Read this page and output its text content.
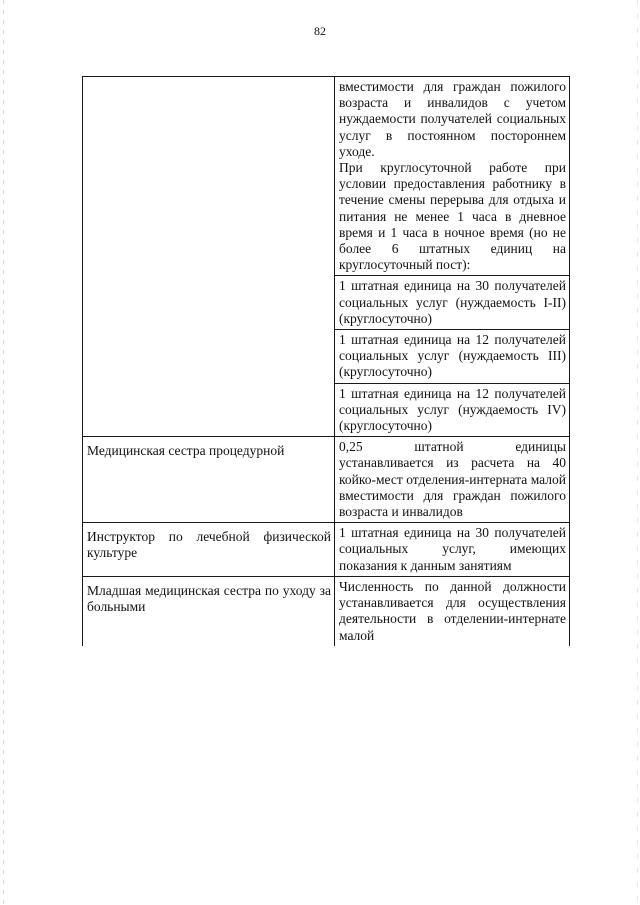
82

	вместимости для граждан пожилого возраста и инвалидов с учетом нуждаемости получателей социальных услуг в постоянном постороннем уходе.
При круглосуточной работе при условии предоставления работнику в течение смены перерыва для отдыха и питания не менее 1 часа в дневное время и 1 часа в ночное время (но не более 6 штатных единиц на круглосуточный пост):

	1 штатная единица на 30 получателей социальных услуг (нуждаемость I-II) (круглосуточно)

	1 штатная единица на 12 получателей социальных услуг (нуждаемость III) (круглосуточно)

	1 штатная единица на 12 получателей социальных услуг (нуждаемость IV) (круглосуточно)

Медицинская сестра процедурной	0,25 штатной единицы устанавливается из расчета на 40 койко-мест отделения-интерната малой вместимости для граждан пожилого возраста и инвалидов

Инструктор по лечебной физической культуре	1 штатная единица на 30 получателей социальных услуг, имеющих показания к данным занятиям

Младшая медицинская сестра по уходу за больными	Численность по данной должности устанавливается для осуществления деятельности в отделении-интернате малой
